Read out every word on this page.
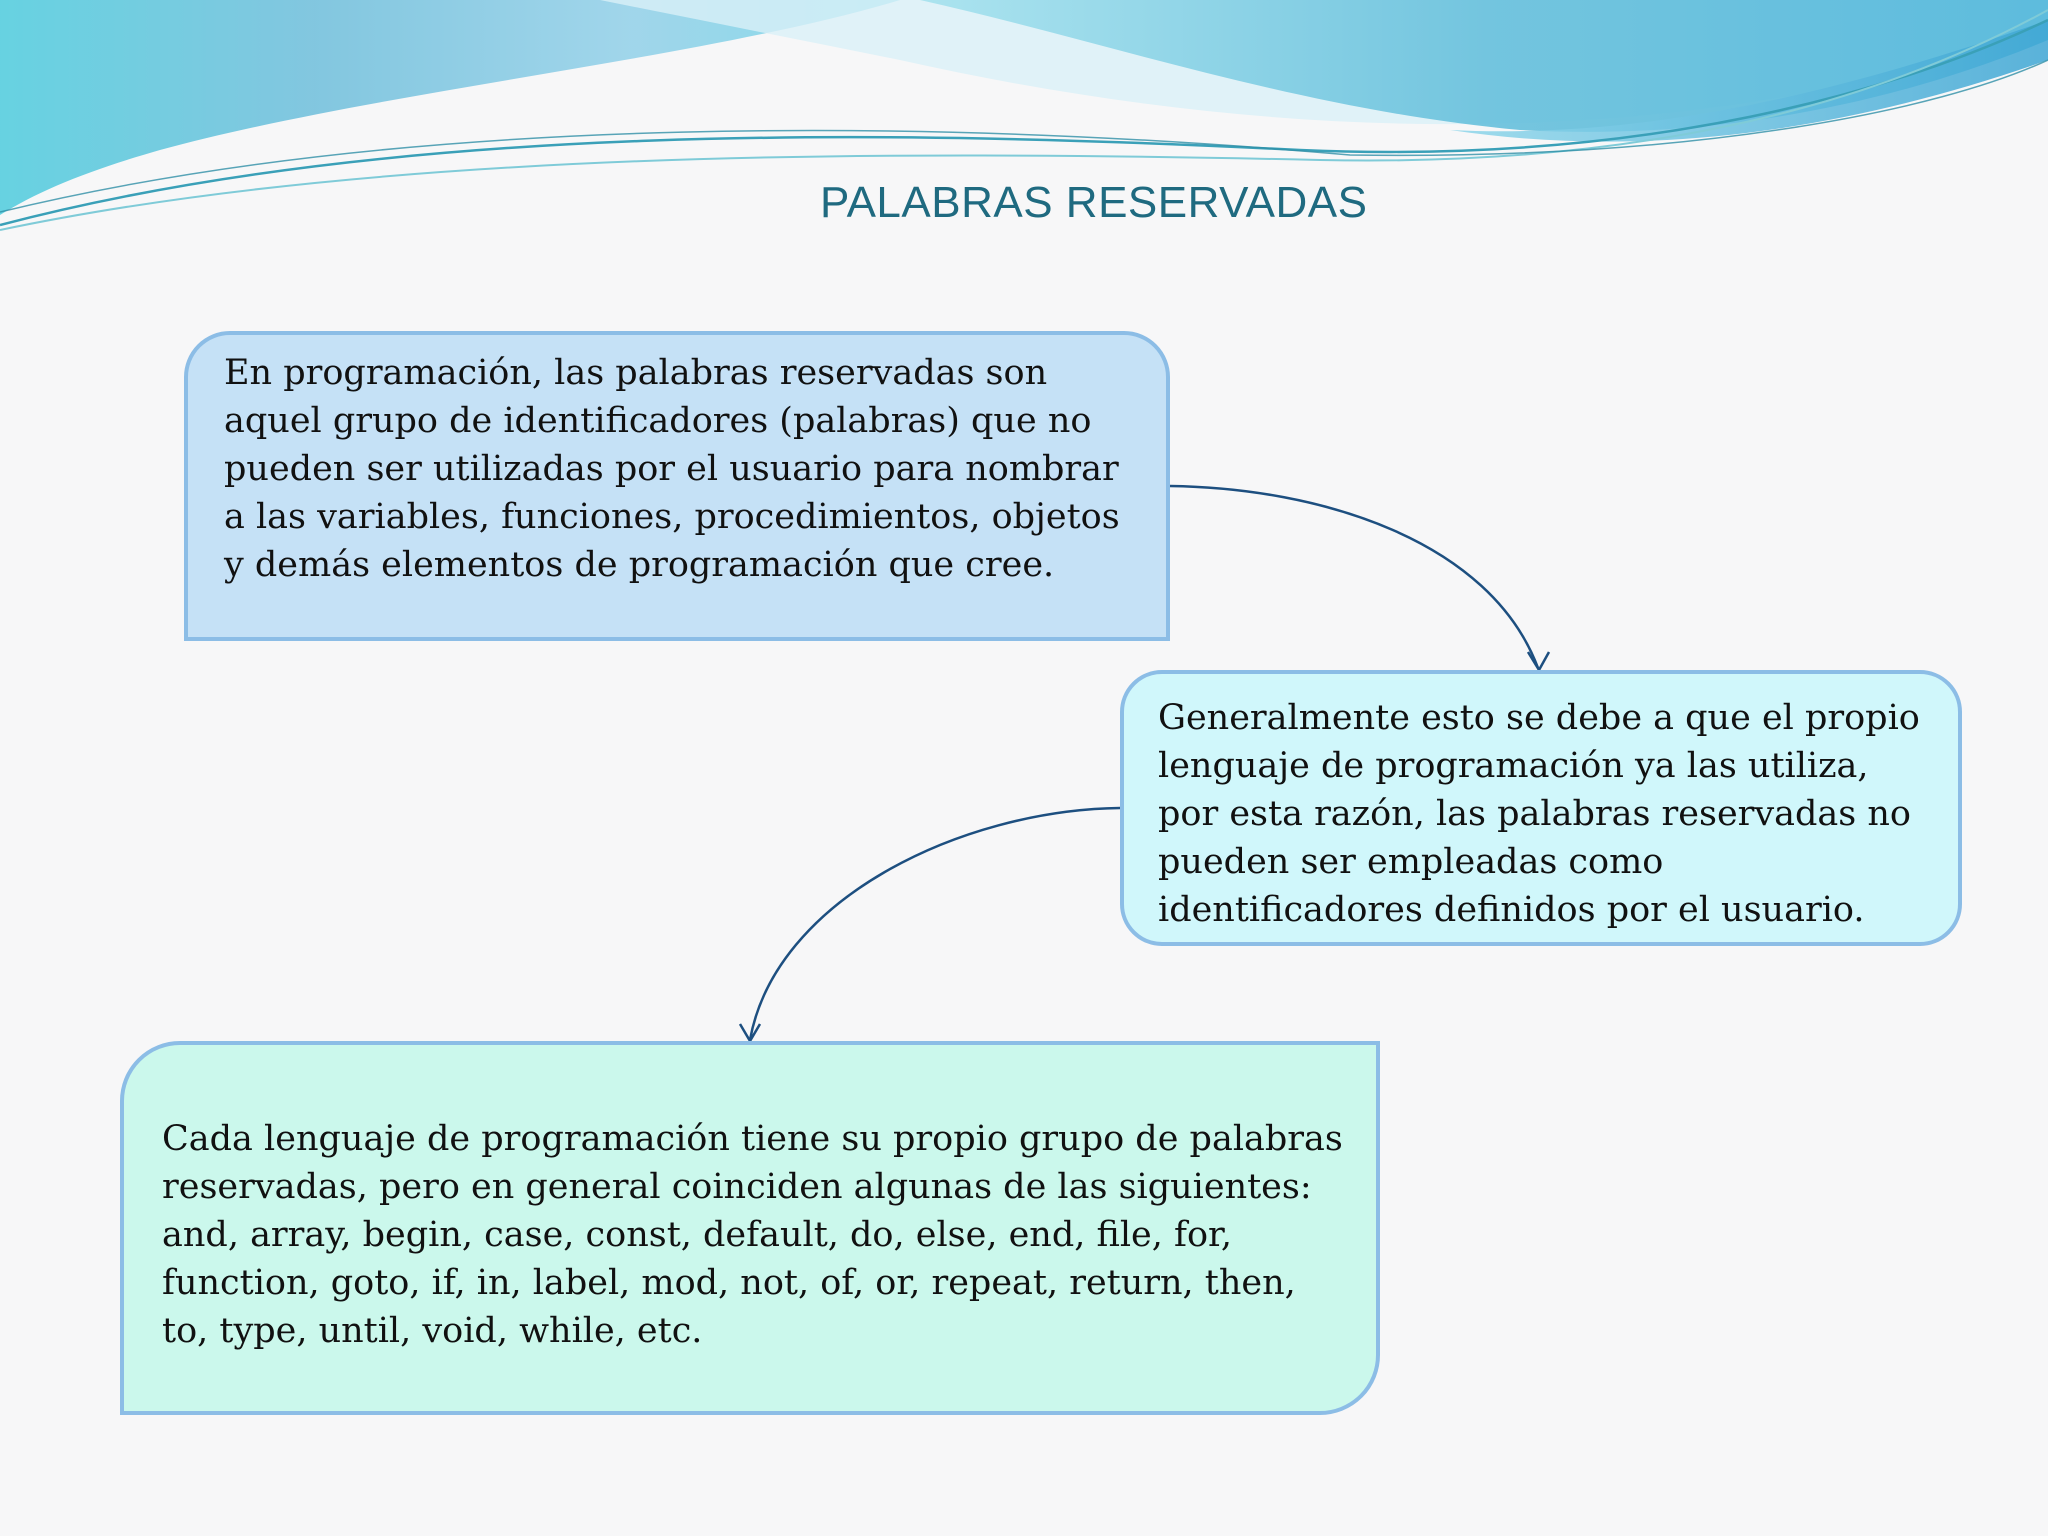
PALABRAS RESERVADAS

En programación, las palabras reservadas son aquel grupo de identificadores (palabras) que no pueden ser utilizadas por el usuario para nombrar a las variables, funciones, procedimientos, objetos y demás elementos de programación que cree.

Generalmente esto se debe a que el propio lenguaje de programación ya las utiliza, por esta razón, las palabras reservadas no pueden ser empleadas como identificadores definidos por el usuario.

Cada lenguaje de programación tiene su propio grupo de palabras reservadas, pero en general coinciden algunas de las siguientes: and, array, begin, case, const, default, do, else, end, file, for, function, goto, if, in, label, mod, not, of, or, repeat, return, then, to, type, until, void, while, etc.
